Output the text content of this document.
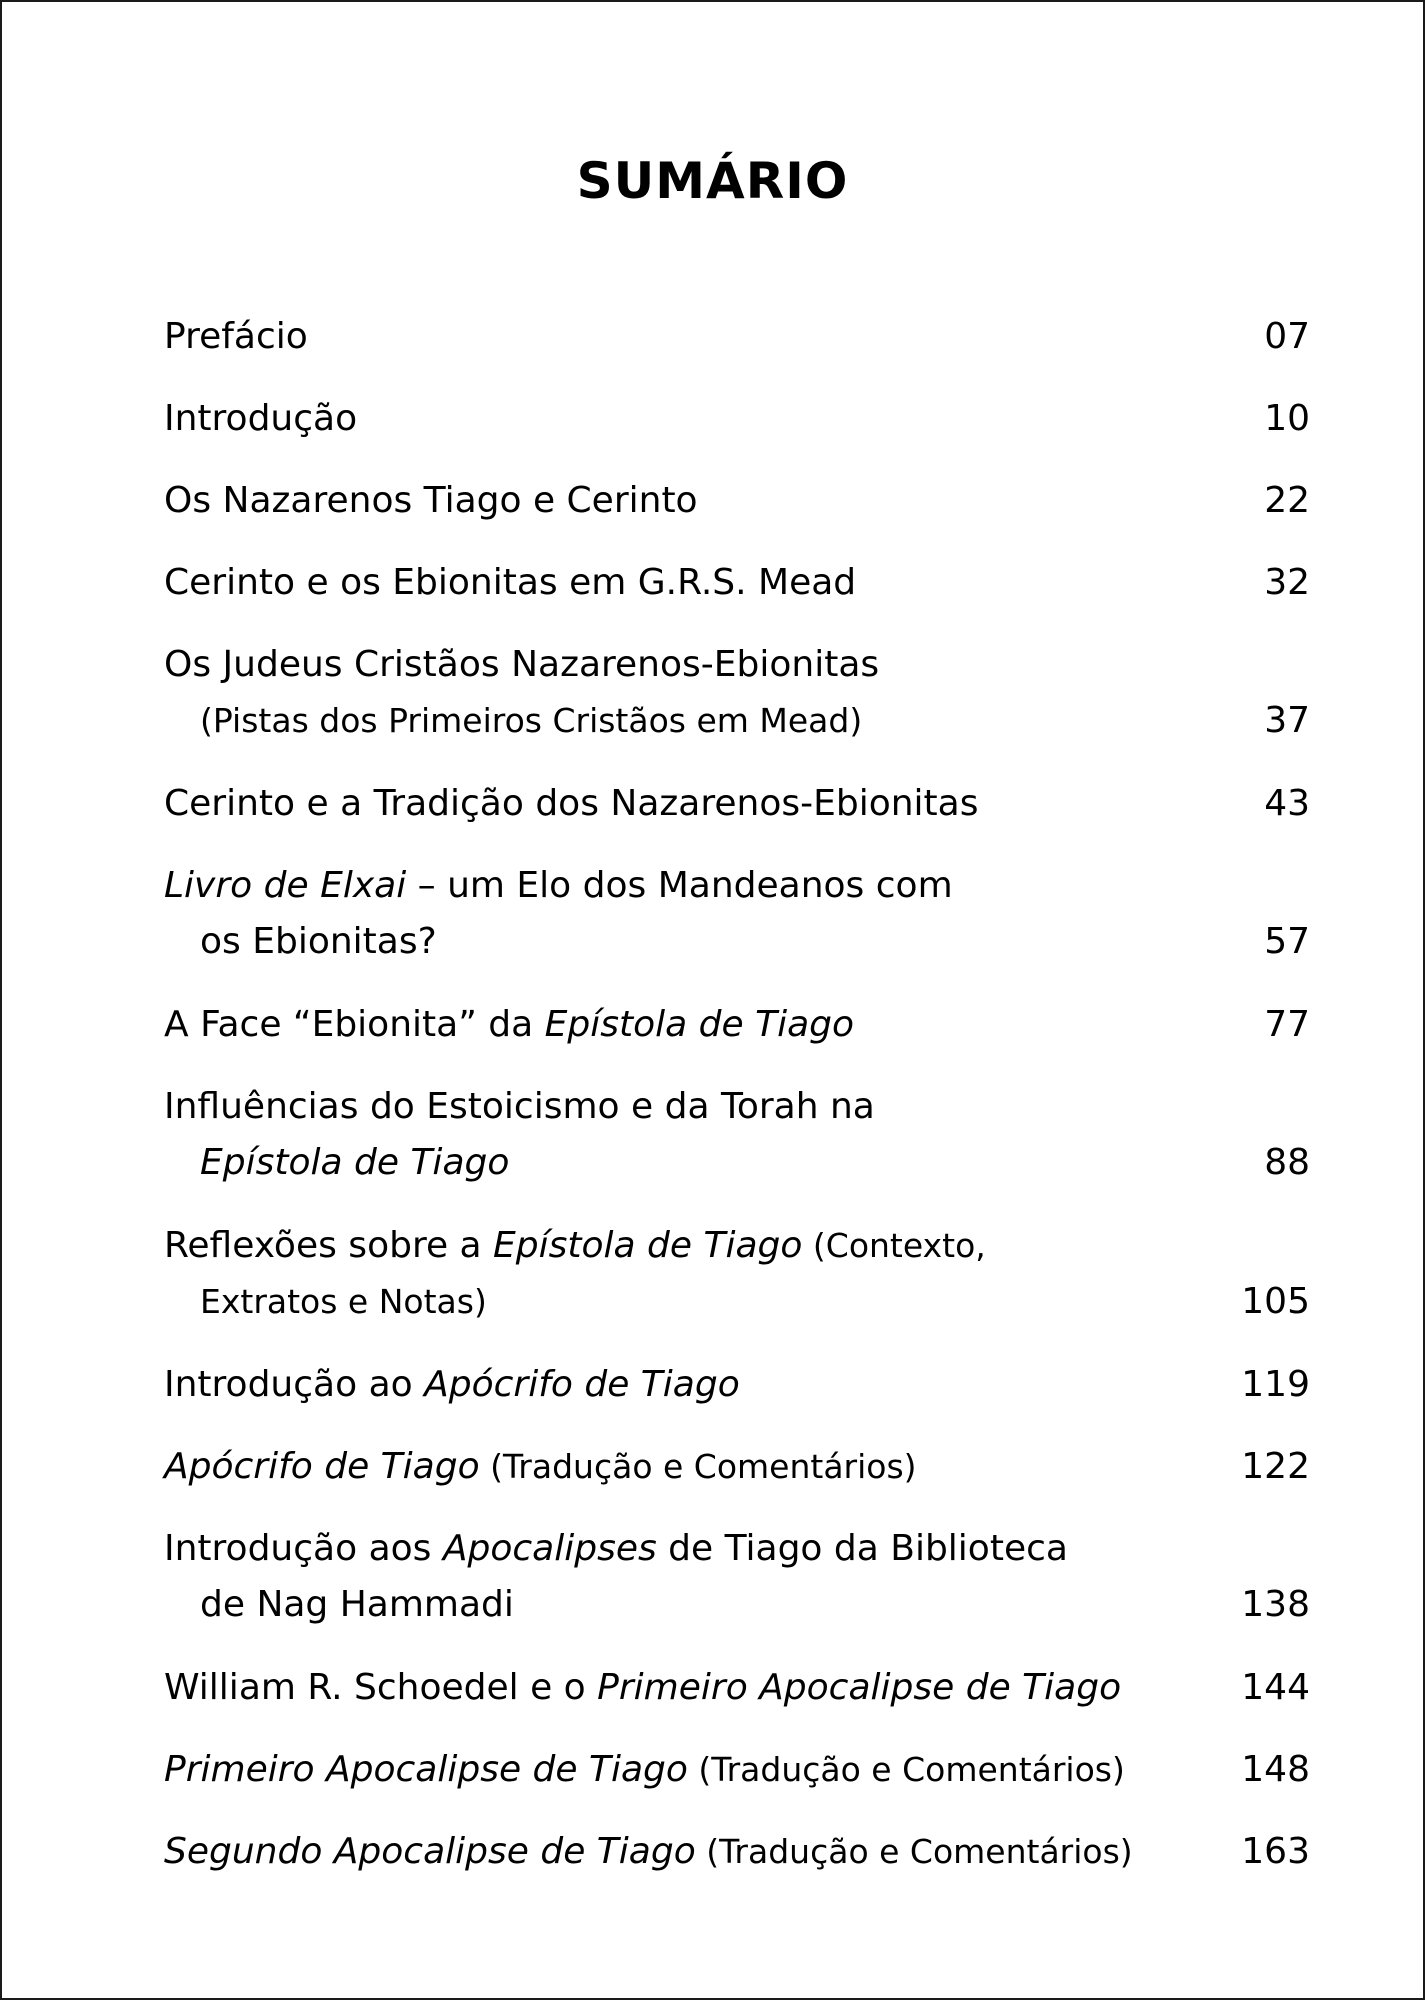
SUMÁRIO
Prefácio	07
Introdução	10
Os Nazarenos Tiago e Cerinto	22
Cerinto e os Ebionitas em G.R.S. Mead	32
Os Judeus Cristãos Nazarenos-Ebionitas
(Pistas dos Primeiros Cristãos em Mead)	37
Cerinto e a Tradição dos Nazarenos-Ebionitas	43
Livro de Elxai – um Elo dos Mandeanos com
os Ebionitas?	57
A Face “Ebionita” da Epístola de Tiago	77
Influências do Estoicismo e da Torah na
Epístola de Tiago	88
Reflexões sobre a Epístola de Tiago (Contexto,
Extratos e Notas)	105
Introdução ao Apócrifo de Tiago	119
Apócrifo de Tiago (Tradução e Comentários)	122
Introdução aos Apocalipses de Tiago da Biblioteca
de Nag Hammadi	138
William R. Schoedel e o Primeiro Apocalipse de Tiago	144
Primeiro Apocalipse de Tiago (Tradução e Comentários)	148
Segundo Apocalipse de Tiago (Tradução e Comentários)	163
